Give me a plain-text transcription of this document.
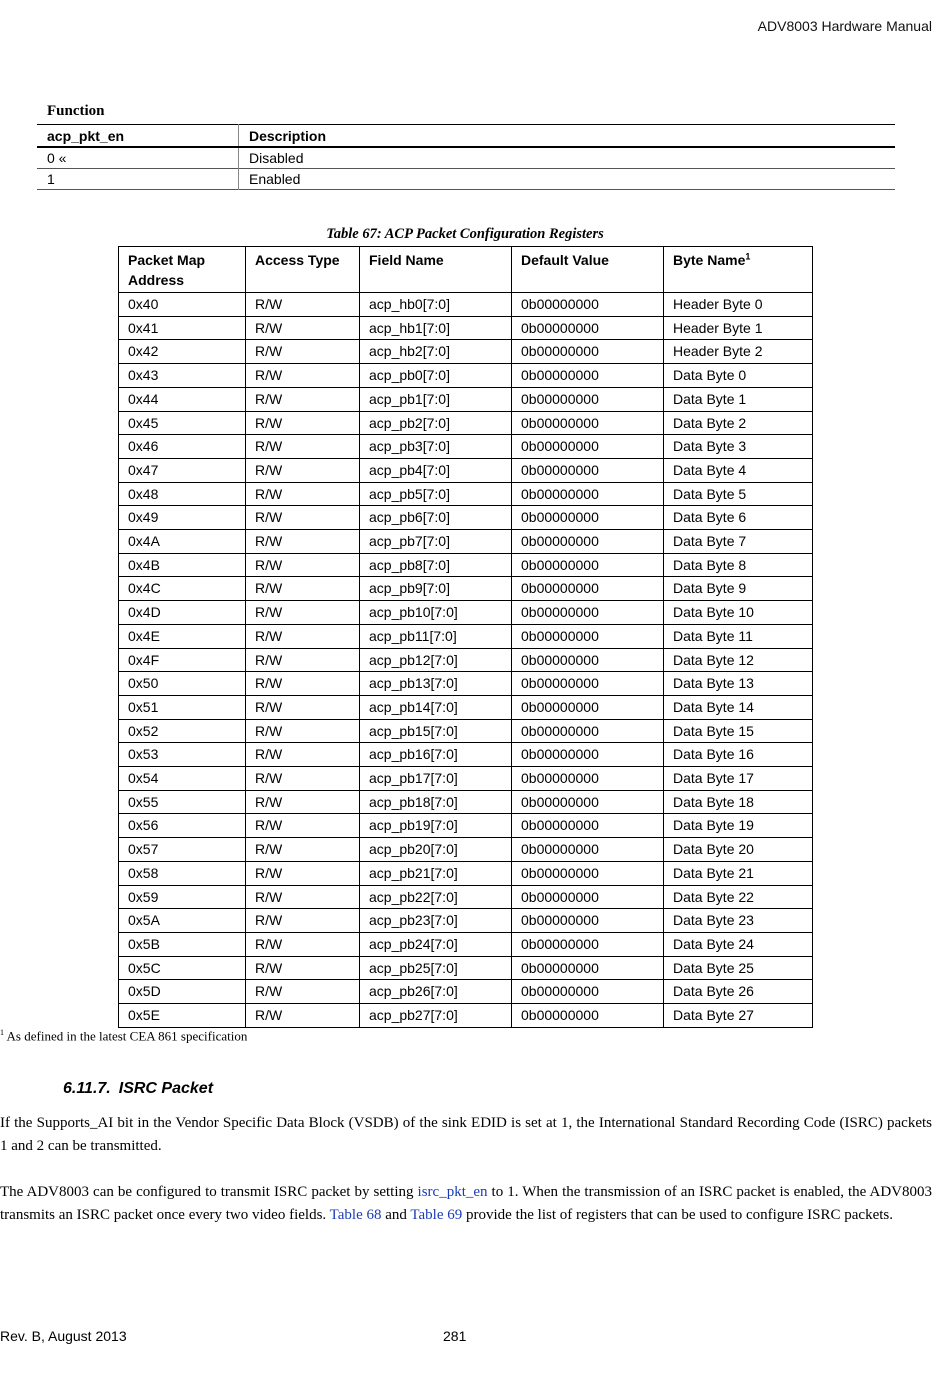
ADV8003 Hardware Manual
Function
acp_pkt_en	Description
0 «	Disabled
1	Enabled
Table 67: ACP Packet Configuration Registers
Packet Map Address	Access Type	Field Name	Default Value	Byte Name$^1$
0x40	R/W	acp_hb0[7:0]	0b00000000	Header Byte 0
0x41	R/W	acp_hb1[7:0]	0b00000000	Header Byte 1
0x42	R/W	acp_hb2[7:0]	0b00000000	Header Byte 2
0x43	R/W	acp_pb0[7:0]	0b00000000	Data Byte 0
0x44	R/W	acp_pb1[7:0]	0b00000000	Data Byte 1
0x45	R/W	acp_pb2[7:0]	0b00000000	Data Byte 2
0x46	R/W	acp_pb3[7:0]	0b00000000	Data Byte 3
0x47	R/W	acp_pb4[7:0]	0b00000000	Data Byte 4
0x48	R/W	acp_pb5[7:0]	0b00000000	Data Byte 5
0x49	R/W	acp_pb6[7:0]	0b00000000	Data Byte 6
0x4A	R/W	acp_pb7[7:0]	0b00000000	Data Byte 7
0x4B	R/W	acp_pb8[7:0]	0b00000000	Data Byte 8
0x4C	R/W	acp_pb9[7:0]	0b00000000	Data Byte 9
0x4D	R/W	acp_pb10[7:0]	0b00000000	Data Byte 10
0x4E	R/W	acp_pb11[7:0]	0b00000000	Data Byte 11
0x4F	R/W	acp_pb12[7:0]	0b00000000	Data Byte 12
0x50	R/W	acp_pb13[7:0]	0b00000000	Data Byte 13
0x51	R/W	acp_pb14[7:0]	0b00000000	Data Byte 14
0x52	R/W	acp_pb15[7:0]	0b00000000	Data Byte 15
0x53	R/W	acp_pb16[7:0]	0b00000000	Data Byte 16
0x54	R/W	acp_pb17[7:0]	0b00000000	Data Byte 17
0x55	R/W	acp_pb18[7:0]	0b00000000	Data Byte 18
0x56	R/W	acp_pb19[7:0]	0b00000000	Data Byte 19
0x57	R/W	acp_pb20[7:0]	0b00000000	Data Byte 20
0x58	R/W	acp_pb21[7:0]	0b00000000	Data Byte 21
0x59	R/W	acp_pb22[7:0]	0b00000000	Data Byte 22
0x5A	R/W	acp_pb23[7:0]	0b00000000	Data Byte 23
0x5B	R/W	acp_pb24[7:0]	0b00000000	Data Byte 24
0x5C	R/W	acp_pb25[7:0]	0b00000000	Data Byte 25
0x5D	R/W	acp_pb26[7:0]	0b00000000	Data Byte 26
0x5E	R/W	acp_pb27[7:0]	0b00000000	Data Byte 27
$^1$ As defined in the latest CEA 861 specification
6.11.7. ISRC Packet
If the Supports_AI bit in the Vendor Specific Data Block (VSDB) of the sink EDID is set at 1, the International Standard Recording Code (ISRC) packets 1 and 2 can be transmitted.
The ADV8003 can be configured to transmit ISRC packet by setting isrc_pkt_en to 1. When the transmission of an ISRC packet is enabled, the ADV8003 transmits an ISRC packet once every two video fields. Table 68 and Table 69 provide the list of registers that can be used to configure ISRC packets.
Rev. B, August 2013	281
